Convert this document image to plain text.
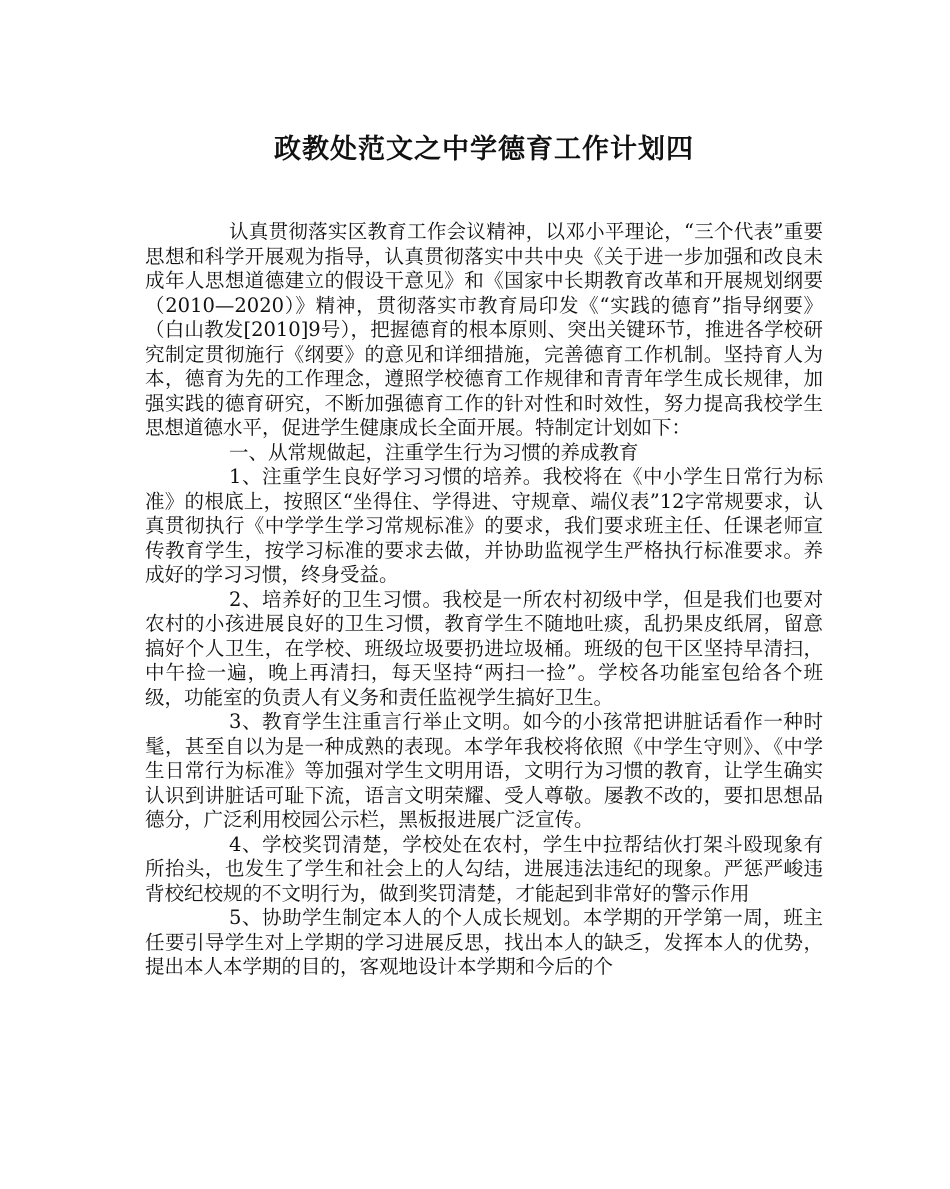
政教处范文之中学德育工作计划四

认真贯彻落实区教育工作会议精神，以邓小平理论，“三个代表”重要思想和科学开展观为指导，认真贯彻落实中共中央《关于进一步加强和改良未成年人思想道德建立的假设干意见》和《国家中长期教育改革和开展规划纲要（2010—2020）》精神，贯彻落实市教育局印发《“实践的德育”指导纲要》（白山教发[2010]9号），把握德育的根本原则、突出关键环节，推进各学校研究制定贯彻施行《纲要》的意见和详细措施，完善德育工作机制。坚持育人为本，德育为先的工作理念，遵照学校德育工作规律和青青年学生成长规律，加强实践的德育研究，不断加强德育工作的针对性和时效性，努力提高我校学生思想道德水平，促进学生健康成长全面开展。特制定计划如下：

一、从常规做起，注重学生行为习惯的养成教育

1、注重学生良好学习习惯的培养。我校将在《中小学生日常行为标准》的根底上，按照区“坐得住、学得进、守规章、端仪表”12字常规要求，认真贯彻执行《中学学生学习常规标准》的要求，我们要求班主任、任课老师宣传教育学生，按学习标准的要求去做，并协助监视学生严格执行标准要求。养成好的学习习惯，终身受益。

2、培养好的卫生习惯。我校是一所农村初级中学，但是我们也要对农村的小孩进展良好的卫生习惯，教育学生不随地吐痰，乱扔果皮纸屑，留意搞好个人卫生，在学校、班级垃圾要扔进垃圾桶。班级的包干区坚持早清扫，中午捡一遍，晚上再清扫，每天坚持“两扫一捡”。学校各功能室包给各个班级，功能室的负责人有义务和责任监视学生搞好卫生。

3、教育学生注重言行举止文明。如今的小孩常把讲脏话看作一种时髦，甚至自以为是一种成熟的表现。本学年我校将依照《中学生守则》、《中学生日常行为标准》等加强对学生文明用语，文明行为习惯的教育，让学生确实认识到讲脏话可耻下流，语言文明荣耀、受人尊敬。屡教不改的，要扣思想品德分，广泛利用校园公示栏，黑板报进展广泛宣传。

4、学校奖罚清楚，学校处在农村，学生中拉帮结伙打架斗殴现象有所抬头，也发生了学生和社会上的人勾结，进展违法违纪的现象。严惩严峻违背校纪校规的不文明行为，做到奖罚清楚，才能起到非常好的警示作用

5、协助学生制定本人的个人成长规划。本学期的开学第一周，班主任要引导学生对上学期的学习进展反思，找出本人的缺乏，发挥本人的优势，提出本人本学期的目的，客观地设计本学期和今后的个
